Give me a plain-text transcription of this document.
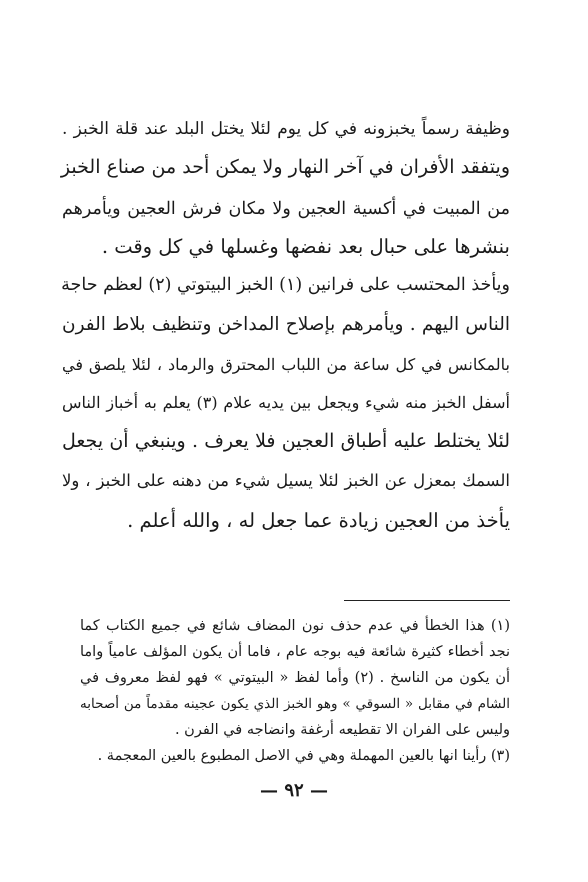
وظيفة رسماً يخبزونه في كل يوم لئلا يختل البلد عند قلة الخبز .
ويتفقد الأفران في آخر النهار ولا يمكن أحد من صناع الخبز
من المبيت في أكسية العجين ولا مكان فرش العجين ويأمرهم
بنشرها على حبال بعد نفضها وغسلها في كل وقت .
ويأخذ المحتسب على فرانين (١) الخبز البيتوتي (٢) لعظم حاجة
الناس اليهم . ويأمرهم بإصلاح المداخن وتنظيف بلاط الفرن
بالمكانس في كل ساعة من اللباب المحترق والرماد ، لئلا يلصق في
أسفل الخبز منه شيء ويجعل بين يديه علام (٣) يعلم به أخباز الناس
لئلا يختلط عليه أطباق العجين فلا يعرف . وينبغي أن يجعل
السمك بمعزل عن الخبز لئلا يسيل شيء من دهنه على الخبز ، ولا
يأخذ من العجين زيادة عما جعل له ، والله أعلم .
(١) هذا الخطأ في عدم حذف نون المضاف شائع في جميع الكتاب كما
نجد أخطاء كثيرة شائعة فيه بوجه عام ، فاما أن يكون المؤلف عامياً واما
أن يكون من الناسخ . (٢) وأما لفظ « البيتوتي » فهو لفظ معروف في
الشام في مقابل « السوقي » وهو الخبز الذي يكون عجينه مقدماً من أصحابه
وليس على الفران الا تقطيعه أرغفة وانضاجه في الفرن .
(٣) رأينا انها بالعين المهملة وهي في الاصل المطبوع بالعين المعجمة .
— ٩٢ —
